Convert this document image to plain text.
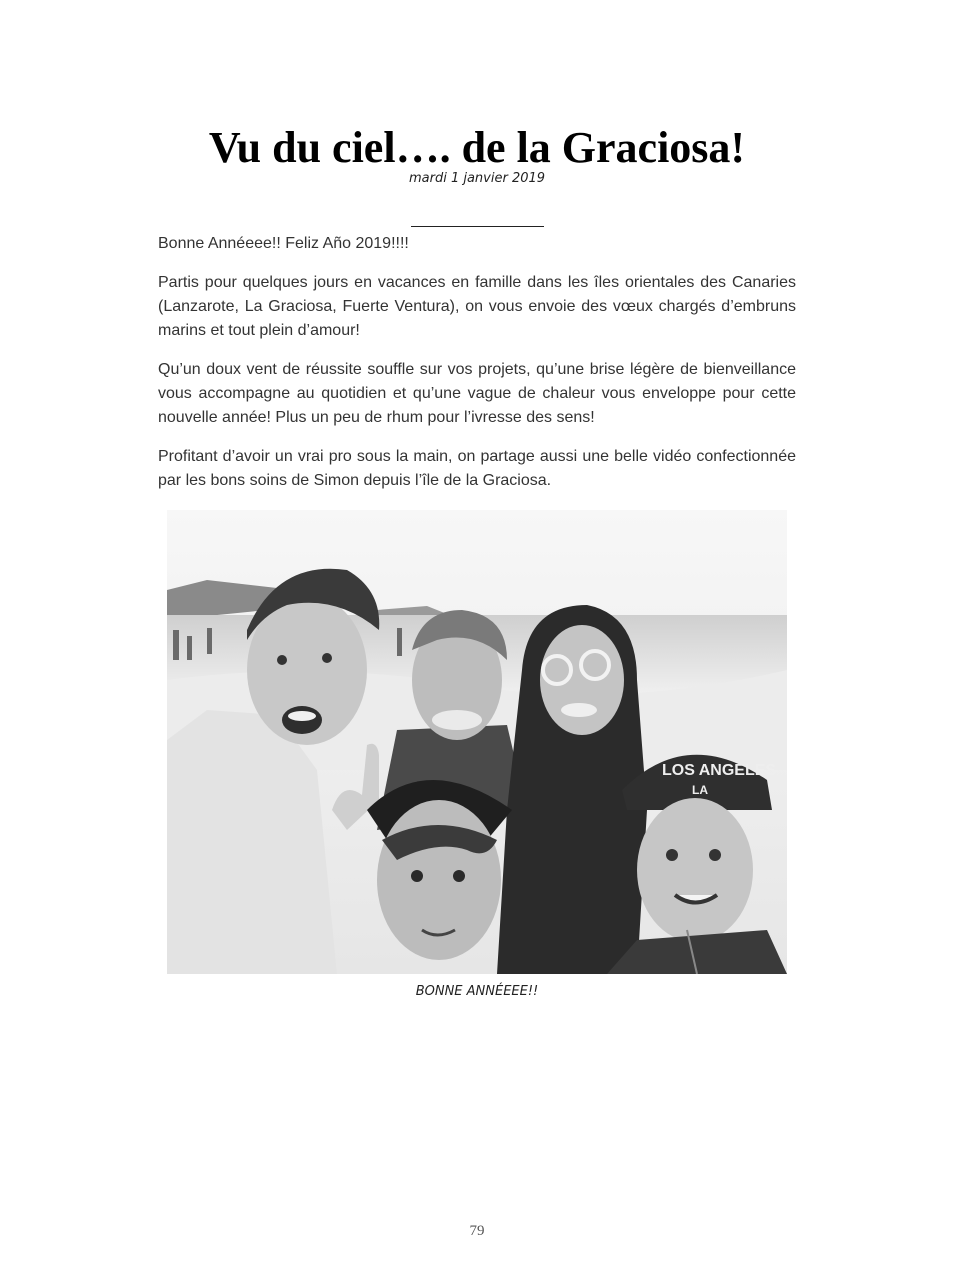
Vu du ciel…. de la Graciosa!
mardi 1 janvier 2019

Bonne Annéeee!! Feliz Año 2019!!!!

Partis pour quelques jours en vacances en famille dans les îles orientales des Canaries (Lanzarote, La Graciosa, Fuerte Ventura), on vous envoie des vœux chargés d’embruns marins et tout plein d’amour!

Qu’un doux vent de réussite souffle sur vos projets, qu’une brise légère de bienveillance vous accompagne au quotidien et qu’une vague de chaleur vous enveloppe pour cette nouvelle année! Plus un peu de rhum pour l’ivresse des sens!

Profitant d’avoir un vrai pro sous la main, on partage aussi une belle vidéo confectionnée par les bons soins de Simon depuis l’île de la Graciosa.

LOS ANGELES
LA
BONNE ANNÉEEE!!
79
